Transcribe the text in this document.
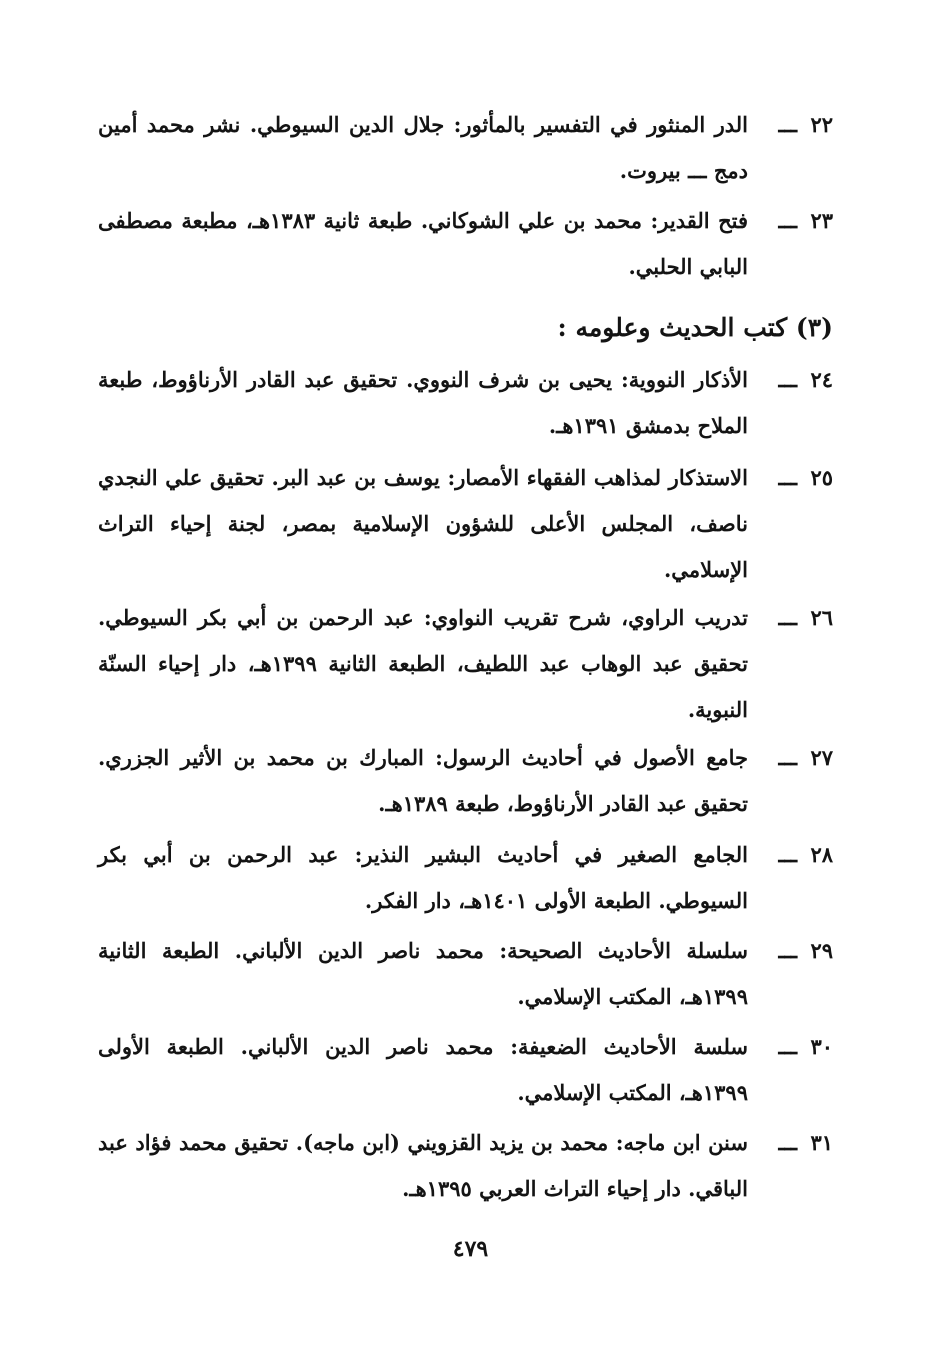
٢٢
ـــ
الدر المنثور في التفسير بالمأثور: جلال الدين السيوطي. نشر محمد أمين دمج ـــ بيروت.
٢٣
ـــ
فتح القدير: محمد بن علي الشوكاني. طبعة ثانية ١٣٨٣هـ، مطبعة مصطفى البابي الحلبي.
(٣) كتب الحديث وعلومه :
٢٤
ـــ
الأذكار النووية: يحيى بن شرف النووي. تحقيق عبد القادر الأرناؤوط، طبعة الملاح بدمشق ١٣٩١هـ.
٢٥
ـــ
الاستذكار لمذاهب الفقهاء الأمصار: يوسف بن عبد البر. تحقيق علي النجدي ناصف، المجلس الأعلى للشؤون الإسلامية بمصر، لجنة إحياء التراث الإسلامي.
٢٦
ـــ
تدريب الراوي، شرح تقريب النواوي: عبد الرحمن بن أبي بكر السيوطي. تحقيق عبد الوهاب عبد اللطيف، الطبعة الثانية ١٣٩٩هـ، دار إحياء السنّة النبوية.
٢٧
ـــ
جامع الأصول في أحاديث الرسول: المبارك بن محمد بن الأثير الجزري. تحقيق عبد القادر الأرناؤوط، طبعة ١٣٨٩هـ.
٢٨
ـــ
الجامع الصغير في أحاديث البشير النذير: عبد الرحمن بن أبي بكر السيوطي. الطبعة الأولى ١٤٠١هـ، دار الفكر.
٢٩
ـــ
سلسلة الأحاديث الصحيحة: محمد ناصر الدين الألباني. الطبعة الثانية ١٣٩٩هـ، المكتب الإسلامي.
٣٠
ـــ
سلسة الأحاديث الضعيفة: محمد ناصر الدين الألباني. الطبعة الأولى ١٣٩٩هـ، المكتب الإسلامي.
٣١
ـــ
سنن ابن ماجه: محمد بن يزيد القزويني (ابن ماجه). تحقيق محمد فؤاد عبد الباقي. دار إحياء التراث العربي ١٣٩٥هـ.
٤٧٩
